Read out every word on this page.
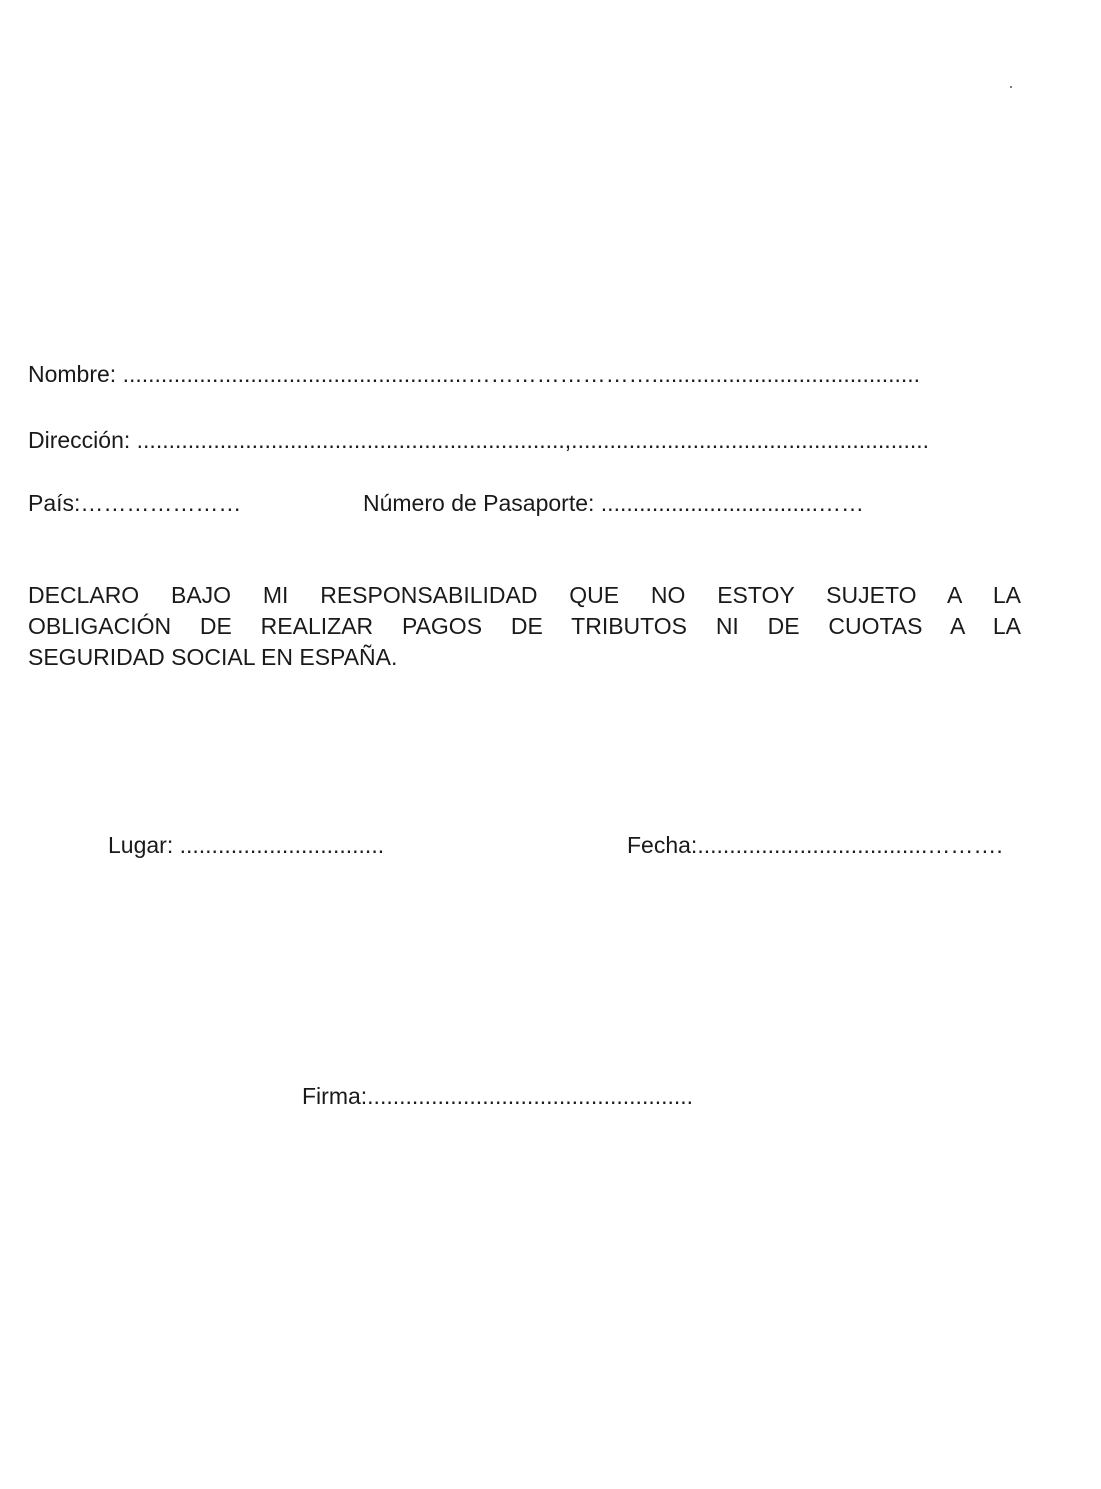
Nombre: ......................................................……………………..........................................
Dirección: ...................................................................,........................................................
País:…………………	Número de Pasaporte: ..................................……
DECLARO BAJO MI RESPONSABILIDAD QUE NO ESTOY SUJETO A LA
OBLIGACIÓN DE REALIZAR PAGOS DE TRIBUTOS NI DE CUOTAS A LA
SEGURIDAD SOCIAL EN ESPAÑA.
Lugar: ................................	Fecha:....................................……….
Firma:...................................................
